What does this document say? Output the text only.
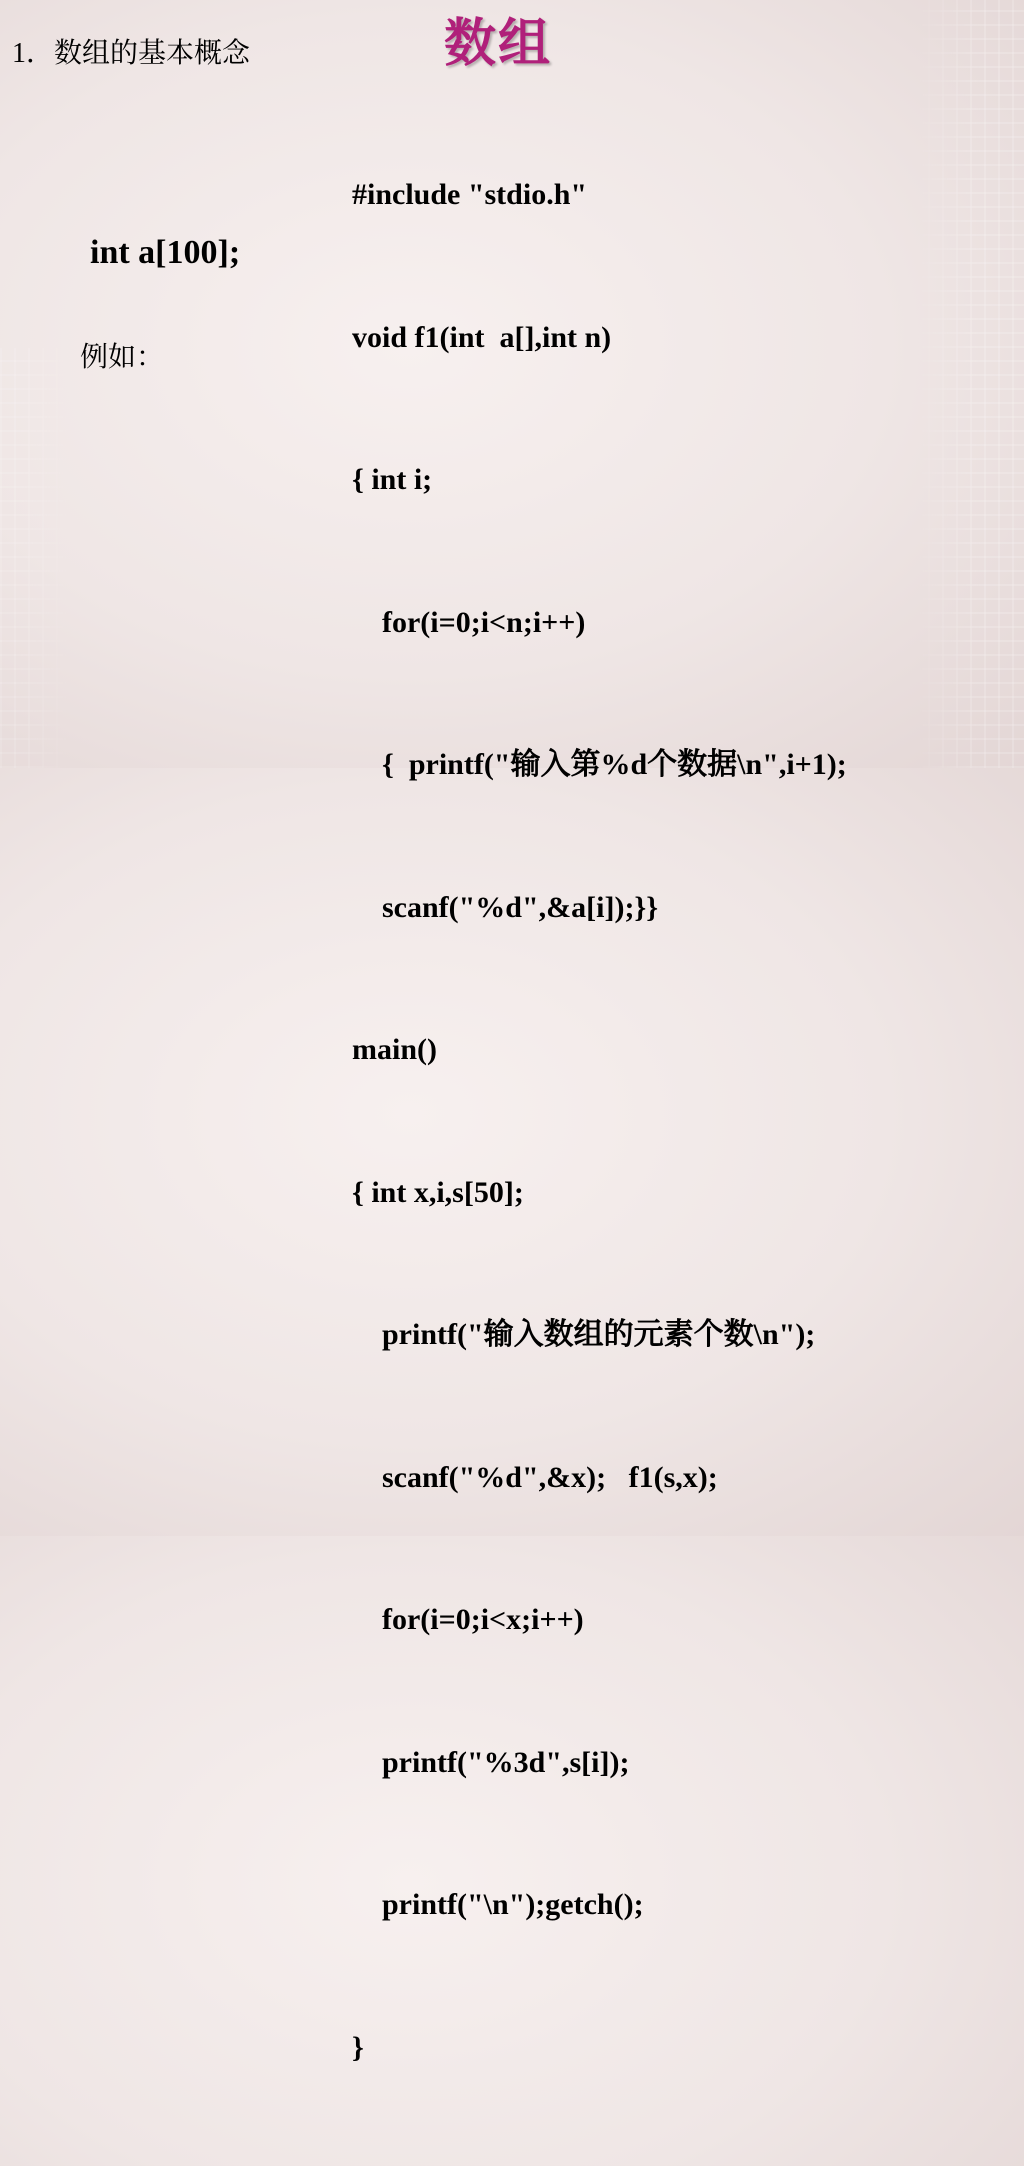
数组
1．数组的基本概念
int a[100];
例如：

#include "stdio.h"

void f1(int  a[],int n)

{ int i;

for(i=0;i<n;i++)

{  printf("输入第%d个数据\n",i+1);

scanf("%d",&a[i]);}}

main()

{ int x,i,s[50];

printf("输入数组的元素个数\n");

scanf("%d",&x);   f1(s,x);

for(i=0;i<x;i++)

printf("%3d",s[i]);

printf("\n");getch();

}
